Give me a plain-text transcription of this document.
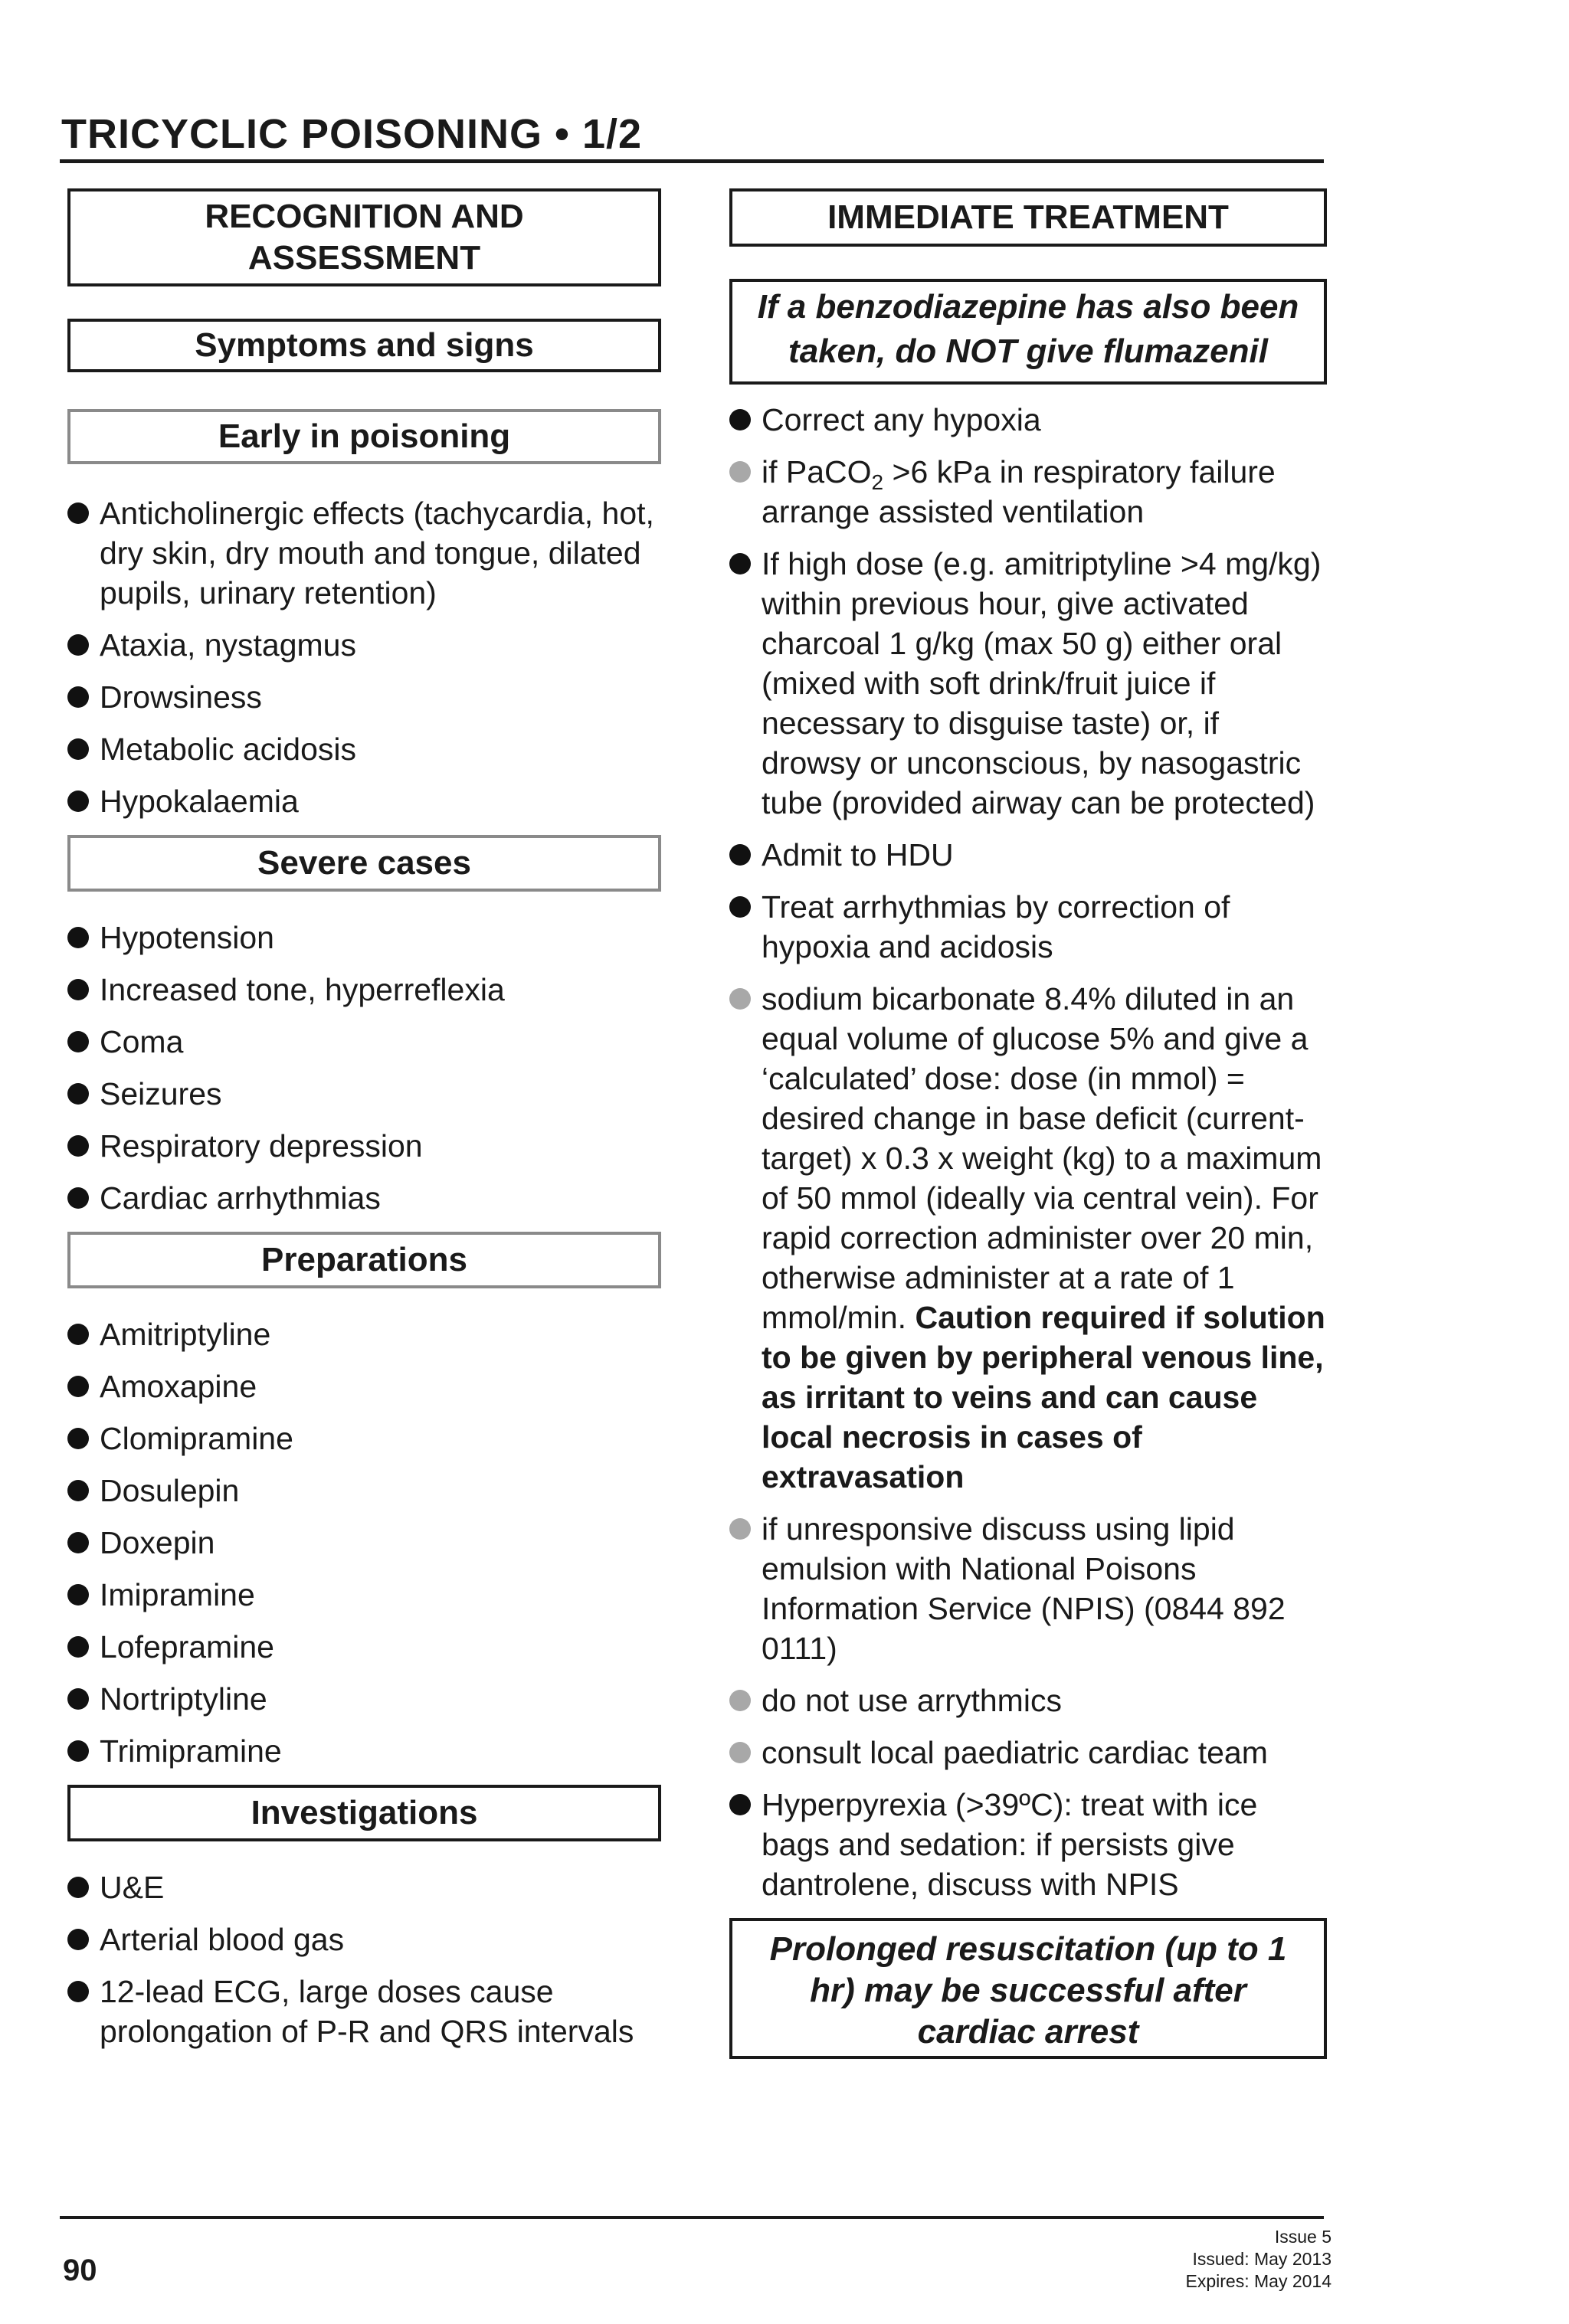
TRICYCLIC POISONING • 1/2
RECOGNITION AND ASSESSMENT
Symptoms and signs
Early in poisoning
Anticholinergic effects (tachycardia, hot, dry skin, dry mouth and tongue, dilated pupils, urinary retention)
Ataxia, nystagmus
Drowsiness
Metabolic acidosis
Hypokalaemia
Severe cases
Hypotension
Increased tone, hyperreflexia
Coma
Seizures
Respiratory depression
Cardiac arrhythmias
Preparations
Amitriptyline
Amoxapine
Clomipramine
Dosulepin
Doxepin
Imipramine
Lofepramine
Nortriptyline
Trimipramine
Investigations
U&E
Arterial blood gas
12-lead ECG, large doses cause prolongation of P-R and QRS intervals
IMMEDIATE TREATMENT
If a benzodiazepine has also been taken, do NOT give flumazenil
Correct any hypoxia
if PaCO$_2$ >6 kPa in respiratory failure arrange assisted ventilation
If high dose (e.g. amitriptyline >4 mg/kg) within previous hour, give activated charcoal 1 g/kg (max 50 g) either oral (mixed with soft drink/fruit juice if necessary to disguise taste) or, if drowsy or unconscious, by nasogastric tube (provided airway can be protected)
Admit to HDU
Treat arrhythmias by correction of hypoxia and acidosis
sodium bicarbonate 8.4% diluted in an equal volume of glucose 5% and give a ‘calculated’ dose: dose (in mmol) = desired change in base deficit (current-target) x 0.3 x weight (kg) to a maximum of 50 mmol (ideally via central vein). For rapid correction administer over 20 min, otherwise administer at a rate of 1 mmol/min. Caution required if solution to be given by peripheral venous line, as irritant to veins and can cause local necrosis in cases of extravasation
if unresponsive discuss using lipid emulsion with National Poisons Information Service (NPIS) (0844 892 0111)
do not use arrythmics
consult local paediatric cardiac team
Hyperpyrexia (>39ºC): treat with ice bags and sedation: if persists give dantrolene, discuss with NPIS
Prolonged resuscitation (up to 1 hr) may be successful after cardiac arrest
90
Issue 5
Issued: May 2013
Expires: May 2014
